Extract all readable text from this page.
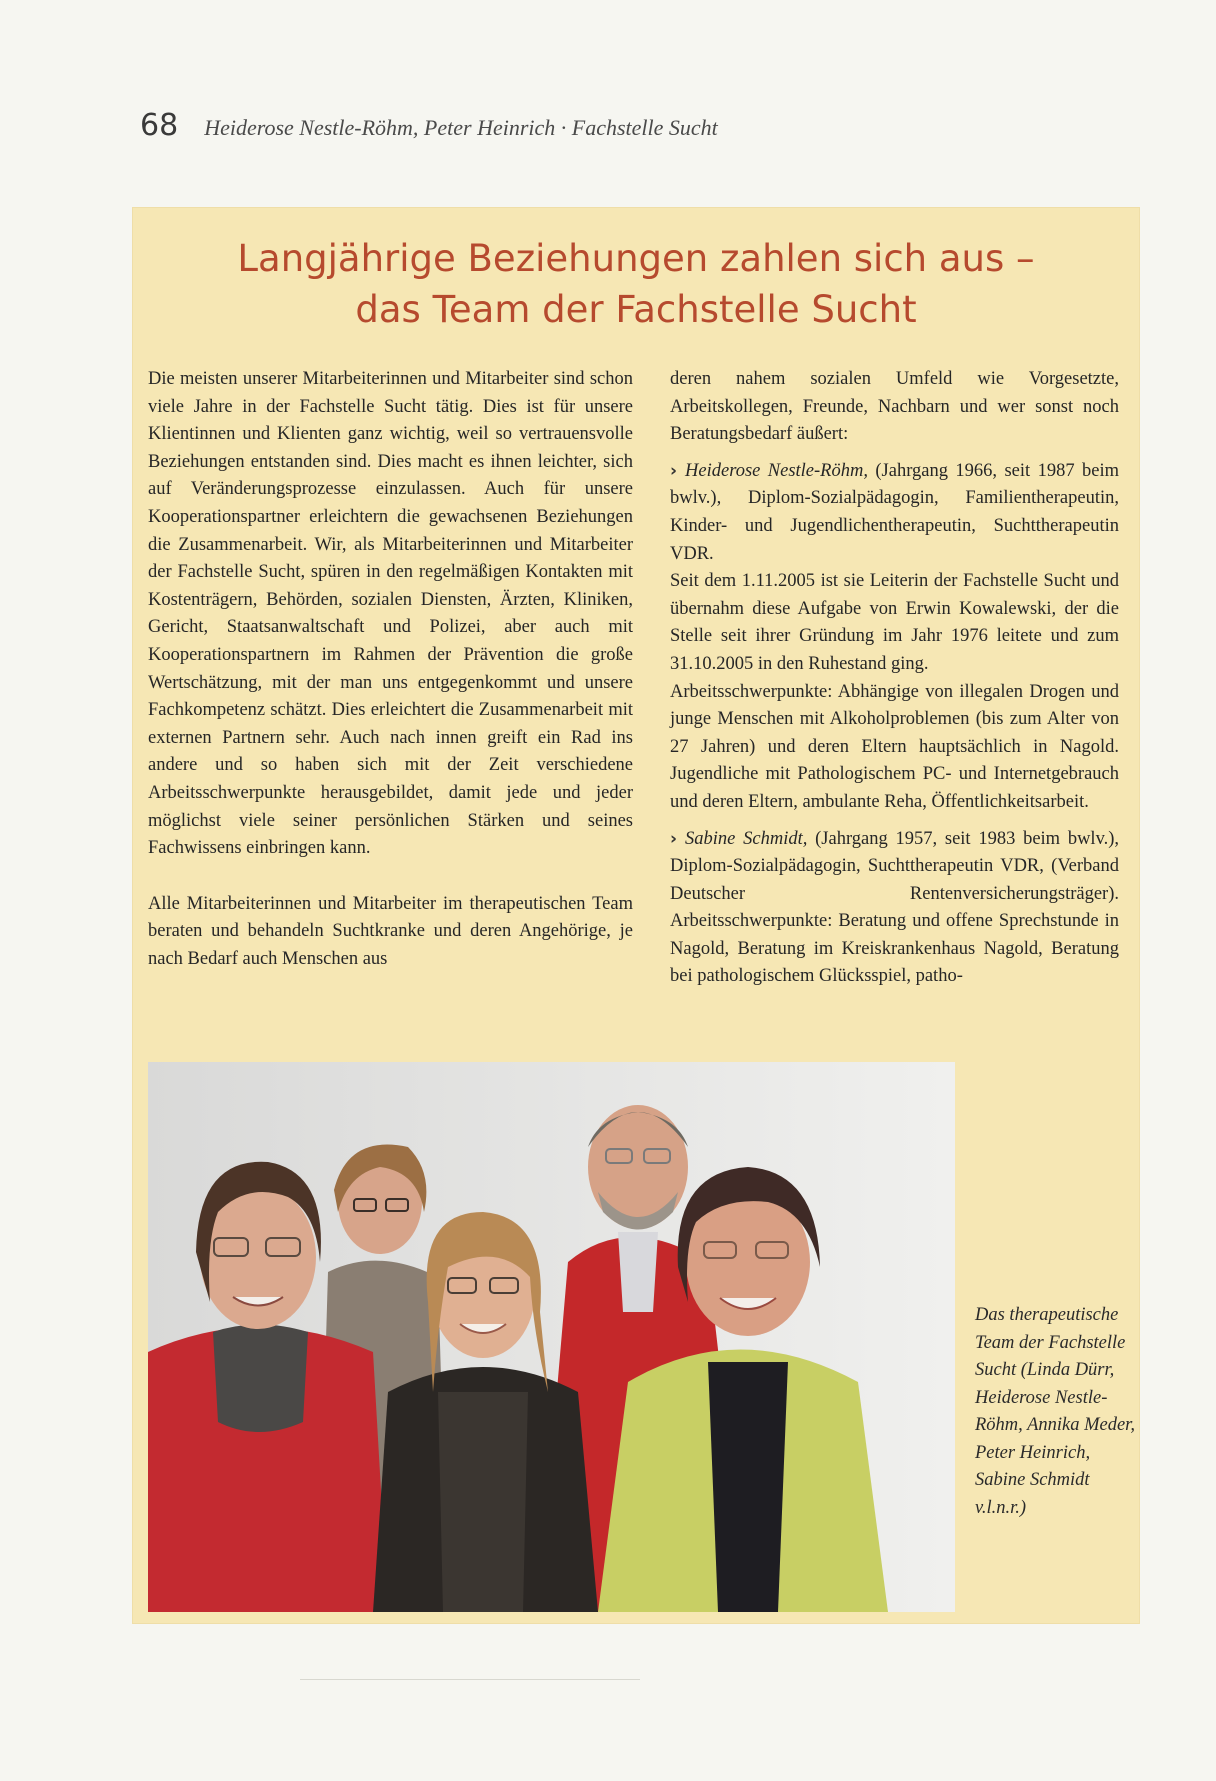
68 Heiderose Nestle-Röhm, Peter Heinrich · Fachstelle Sucht
Langjährige Beziehungen zahlen sich aus –
das Team der Fachstelle Sucht

Die meisten unserer Mitarbeiterinnen und Mitarbeiter sind schon viele Jahre in der Fachstelle Sucht tätig. Dies ist für unsere Klientinnen und Klienten ganz wichtig, weil so vertrauensvolle Beziehungen entstanden sind. Dies macht es ihnen leichter, sich auf Veränderungsprozesse einzulassen. Auch für unsere Kooperationspartner erleichtern die gewachsenen Beziehungen die Zusammenarbeit. Wir, als Mitarbeiterinnen und Mitarbeiter der Fachstelle Sucht, spüren in den regelmäßigen Kontakten mit Kostenträgern, Behörden, sozialen Diensten, Ärzten, Kliniken, Gericht, Staatsanwaltschaft und Polizei, aber auch mit Kooperationspartnern im Rahmen der Prävention die große Wertschätzung, mit der man uns entgegenkommt und unsere Fachkompetenz schätzt. Dies erleichtert die Zusammenarbeit mit externen Partnern sehr. Auch nach innen greift ein Rad ins andere und so haben sich mit der Zeit verschiedene Arbeitsschwerpunkte herausgebildet, damit jede und jeder möglichst viele seiner persönlichen Stärken und seines Fachwissens einbringen kann.

Alle Mitarbeiterinnen und Mitarbeiter im therapeutischen Team beraten und behandeln Suchtkranke und deren Angehörige, je nach Bedarf auch Menschen aus

deren nahem sozialen Umfeld wie Vorgesetzte, Arbeitskollegen, Freunde, Nachbarn und wer sonst noch Beratungsbedarf äußert:

› Heiderose Nestle-Röhm, (Jahrgang 1966, seit 1987 beim bwlv.), Diplom-Sozialpädagogin, Familientherapeutin, Kinder- und Jugendlichentherapeutin, Suchttherapeutin VDR.

Seit dem 1.11.2005 ist sie Leiterin der Fachstelle Sucht und übernahm diese Aufgabe von Erwin Kowalewski, der die Stelle seit ihrer Gründung im Jahr 1976 leitete und zum 31.10.2005 in den Ruhestand ging.

Arbeitsschwerpunkte: Abhängige von illegalen Drogen und junge Menschen mit Alkoholproblemen (bis zum Alter von 27 Jahren) und deren Eltern hauptsächlich in Nagold. Jugendliche mit Pathologischem PC- und Internetgebrauch und deren Eltern, ambulante Reha, Öffentlichkeitsarbeit.

› Sabine Schmidt, (Jahrgang 1957, seit 1983 beim bwlv.), Diplom-Sozialpädagogin, Suchttherapeutin VDR, (Verband Deutscher Rentenversicherungsträger). Arbeitsschwerpunkte: Beratung und offene Sprechstunde in Nagold, Beratung im Kreiskrankenhaus Nagold, Beratung bei pathologischem Glücksspiel, patho-

Das therapeutische Team der Fachstelle Sucht (Linda Dürr, Heiderose Nestle-Röhm, Annika Meder, Peter Heinrich, Sabine Schmidt v.l.n.r.)
